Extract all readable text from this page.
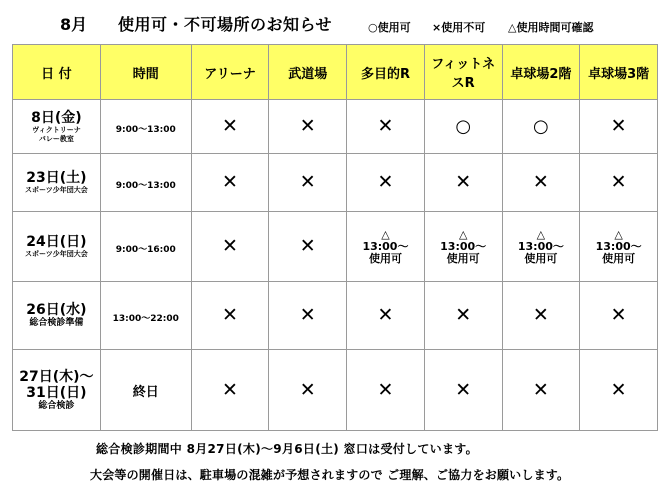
8月 使用可・不可場所のお知らせ	○使用可 ×使用不可 △使用時間可確認
日 付	時間	アリーナ	武道場	多目的R	フィットネスR	卓球場2階	卓球場3階

8日(金)
ヴィクトリーナ
バレー教室	9:00～13:00	✕	✕	✕	○	○	✕

23日(土)
スポーツ少年団大会	9:00～13:00	✕	✕	✕	✕	✕	✕

24日(日)
スポーツ少年団大会	9:00～16:00	✕	✕	△
13:00～
使用可	△
13:00～
使用可	△
13:00～
使用可	△
13:00～
使用可

26日(水)
総合検診準備	13:00～22:00	✕	✕	✕	✕	✕	✕

27日(木)～
31日(日)
総合検診	終日	✕	✕	✕	✕	✕	✕
総合検診期間中 8月27日(木)～9月6日(土) 窓口は受付しています。
大会等の開催日は、駐車場の混雑が予想されますので ご理解、ご協力をお願いします。
